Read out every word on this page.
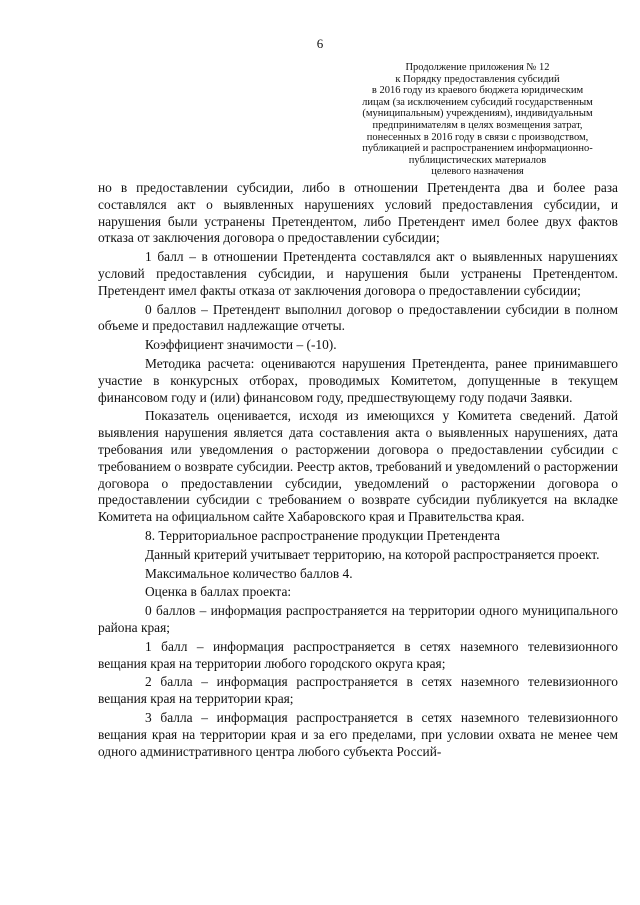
6
Продолжение приложения № 12
к Порядку предоставления субсидий
в 2016 году из краевого бюджета юридическим
лицам (за исключением субсидий государственным
(муниципальным) учреждениям), индивидуальным
предпринимателям в целях возмещения затрат,
понесенных в 2016 году в связи с производством,
публикацией и распространением информационно-
публицистических материалов
целевого назначения

но в предоставлении субсидии, либо в отношении Претендента два и более раза составлялся акт о выявленных нарушениях условий предоставления субсидии, и нарушения были устранены Претендентом, либо Претендент имел более двух фактов отказа от заключения договора о предоставлении субсидии;

1 балл – в отношении Претендента составлялся акт о выявленных нарушениях условий предоставления субсидии, и нарушения были устранены Претендентом. Претендент имел факты отказа от заключения договора о предоставлении субсидии;

0 баллов – Претендент выполнил договор о предоставлении субсидии в полном объеме и предоставил надлежащие отчеты.

Коэффициент значимости – (-10).

Методика расчета: оцениваются нарушения Претендента, ранее принимавшего участие в конкурсных отборах, проводимых Комитетом, допущенные в текущем финансовом году и (или) финансовом году, предшествующему году подачи Заявки.

Показатель оценивается, исходя из имеющихся у Комитета сведений. Датой выявления нарушения является дата составления акта о выявленных нарушениях, дата требования или уведомления о расторжении договора о предоставлении субсидии с требованием о возврате субсидии. Реестр актов, требований и уведомлений о расторжении договора о предоставлении субсидии, уведомлений о расторжении договора о предоставлении субсидии с требованием о возврате субсидии публикуется на вкладке Комитета на официальном сайте Хабаровского края и Правительства края.

8. Территориальное распространение продукции Претендента

Данный критерий учитывает территорию, на которой распространяется проект.

Максимальное количество баллов 4.

Оценка в баллах проекта:

0 баллов – информация распространяется на территории одного муниципального района края;

1 балл – информация распространяется в сетях наземного телевизионного вещания края на территории любого городского округа края;

2 балла – информация распространяется в сетях наземного телевизионного вещания края на территории края;

3 балла – информация распространяется в сетях наземного телевизионного вещания края на территории края и за его пределами, при условии охвата не менее чем одного административного центра любого субъекта Россий-
